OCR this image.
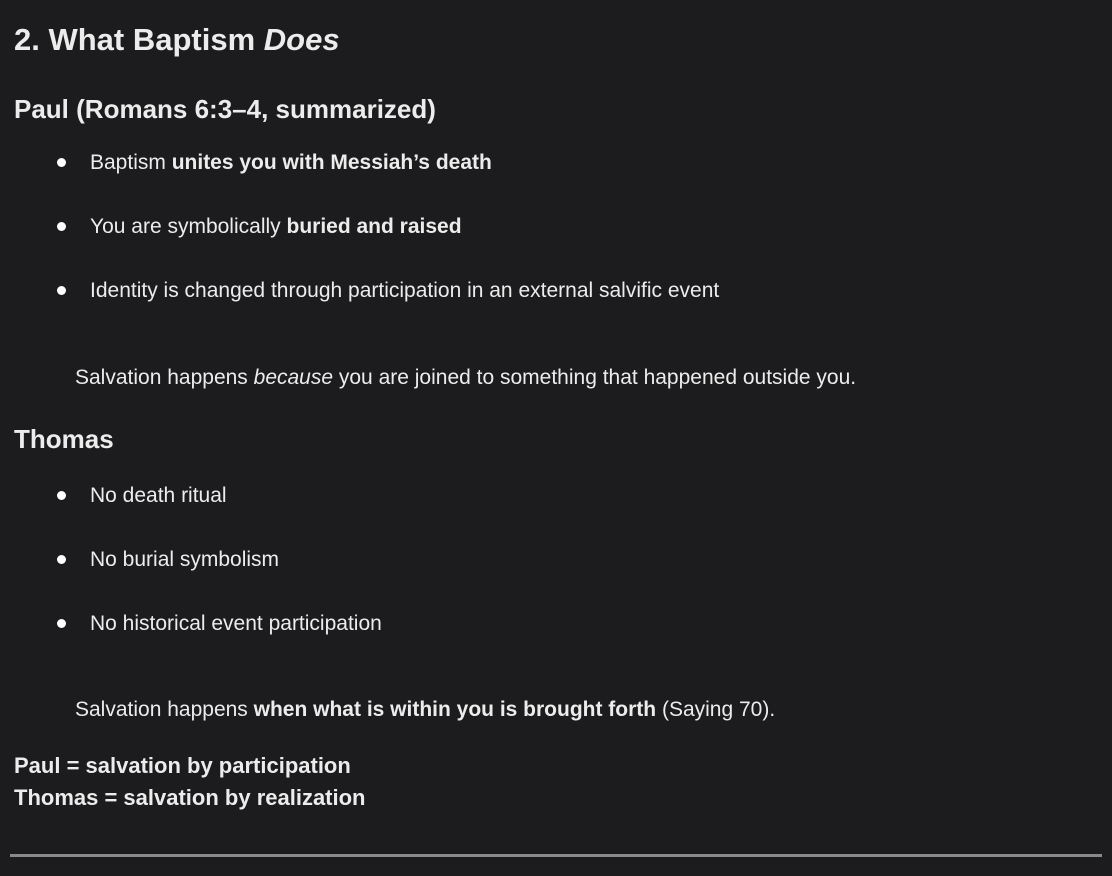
2. What Baptism Does
Paul (Romans 6:3–4, summarized)
Baptism unites you with Messiah’s death
You are symbolically buried and raised
Identity is changed through participation in an external salvific event

Salvation happens because you are joined to something that happened outside you.

Thomas
No death ritual
No burial symbolism
No historical event participation

Salvation happens when what is within you is brought forth (Saying 70).

Paul = salvation by participation
Thomas = salvation by realization
